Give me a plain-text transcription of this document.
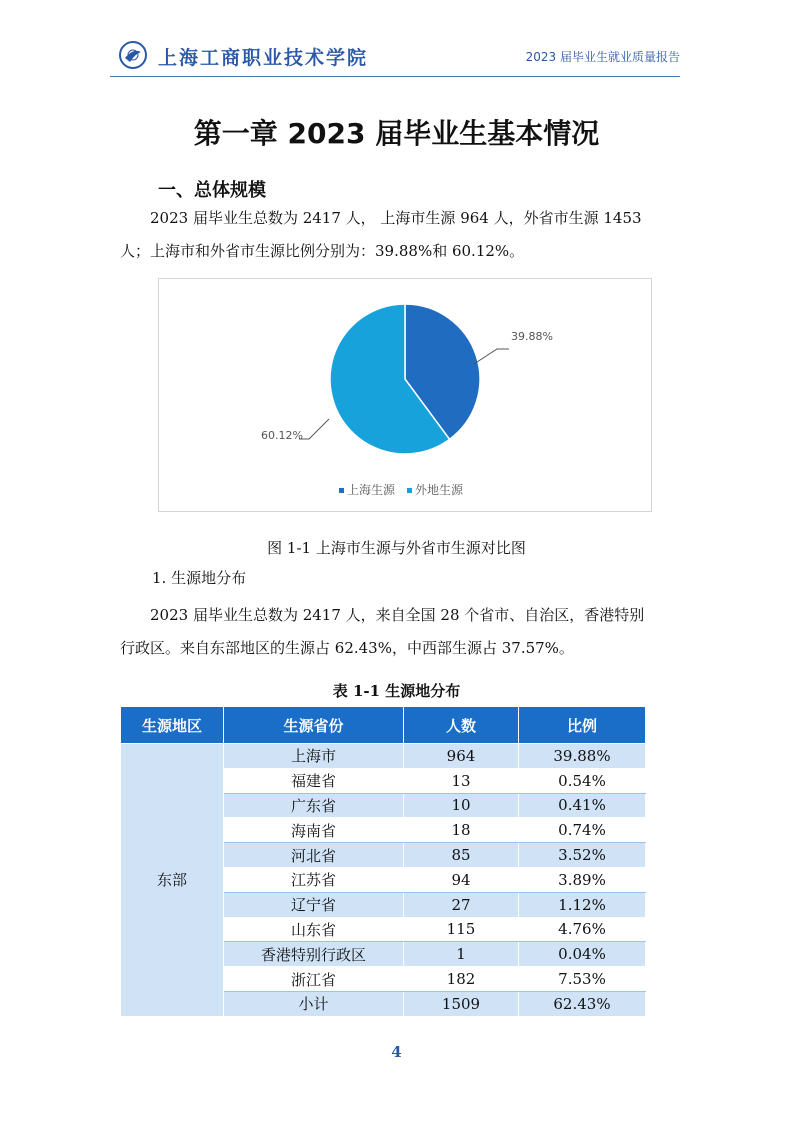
上海工商职业技术学院	2023 届毕业生就业质量报告
第一章 2023 届毕业生基本情况
一、总体规模
2023 届毕业生总数为 2417 人， 上海市生源 964 人，外省市生源 1453
人；上海市和外省市生源比例分别为：39.88%和 60.12%。
39.88%
60.12%
上海生源 外地生源
图 1-1 上海市生源与外省市生源对比图
1. 生源地分布
2023 届毕业生总数为 2417 人，来自全国 28 个省市、自治区，香港特别
行政区。来自东部地区的生源占 62.43%，中西部生源占 37.57%。
表 1-1 生源地分布
生源地区	生源省份	人数	比例
东部	上海市	964	39.88%
	福建省	13	0.54%
	广东省	10	0.41%
	海南省	18	0.74%
	河北省	85	3.52%
	江苏省	94	3.89%
	辽宁省	27	1.12%
	山东省	115	4.76%
	香港特别行政区	1	0.04%
	浙江省	182	7.53%
	小计	1509	62.43%
4
